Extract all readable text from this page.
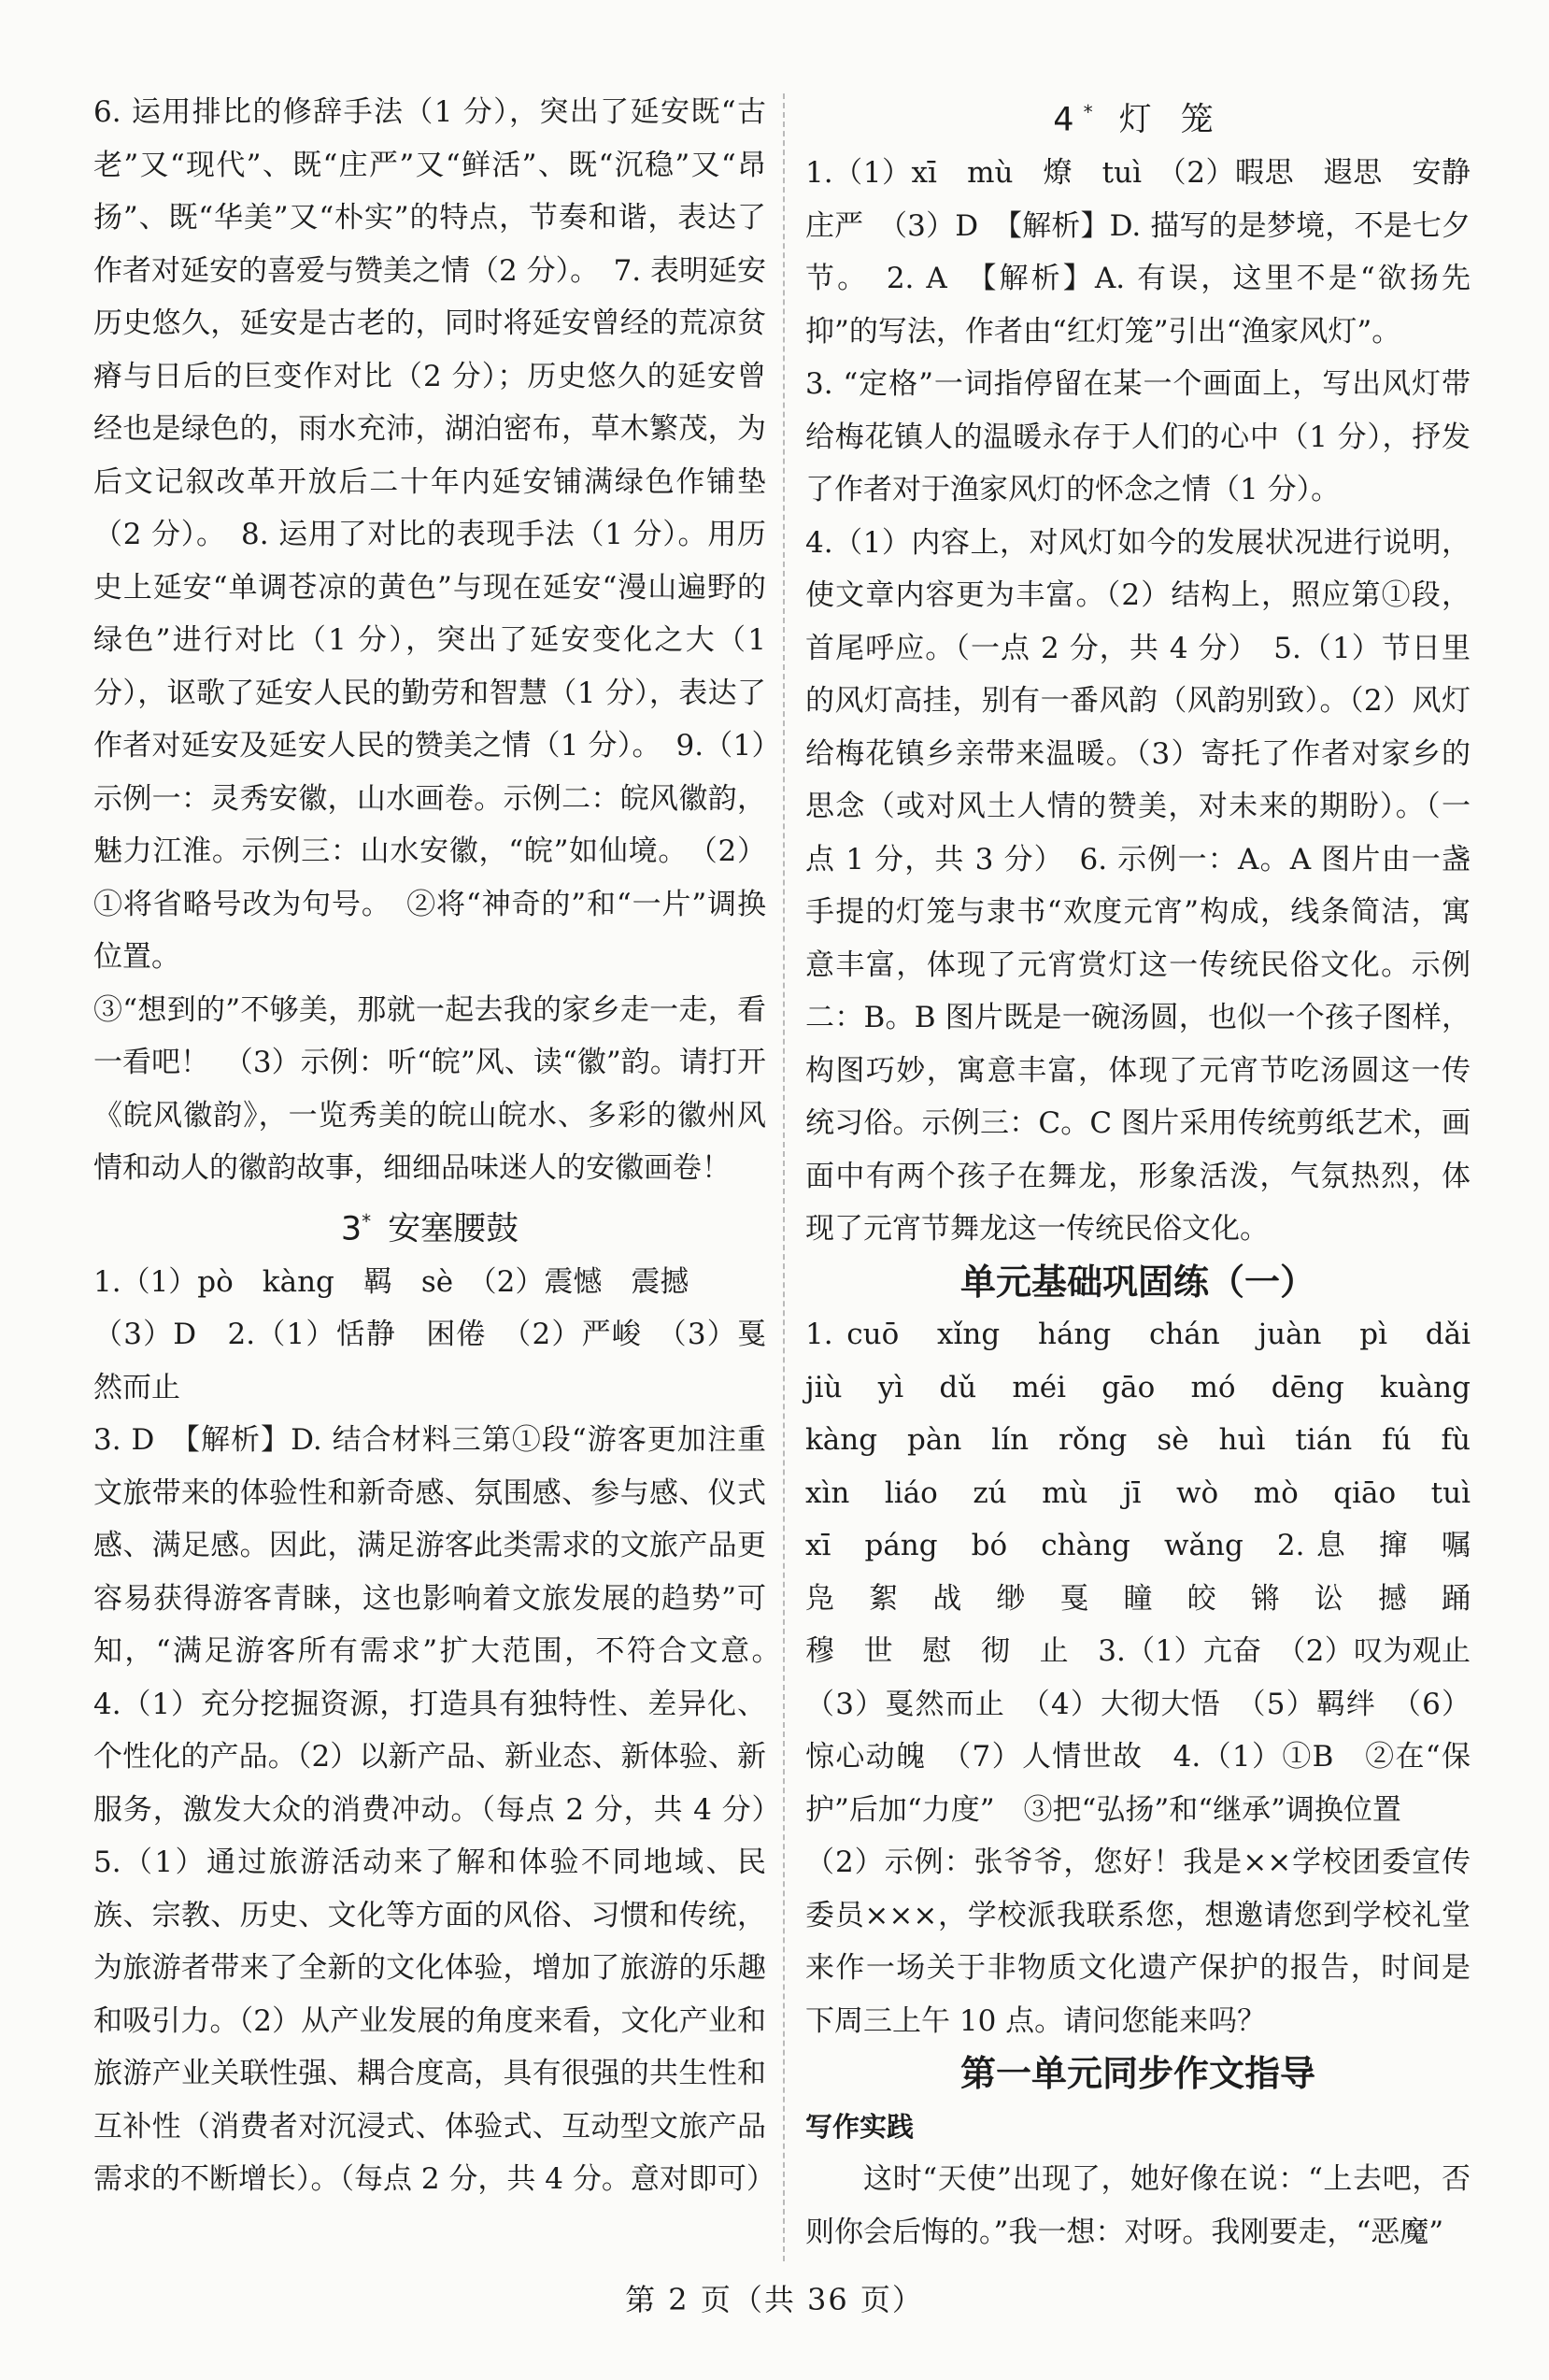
6. 运用排比的修辞手法（1 分），突出了延安既“古老”又“现代”、既“庄严”又“鲜活”、既“沉稳”又“昂扬”、既“华美”又“朴实”的特点，节奏和谐，表达了作者对延安的喜爱与赞美之情（2 分）。　7. 表明延安历史悠久，延安是古老的，同时将延安曾经的荒凉贫瘠与日后的巨变作对比（2 分）；历史悠久的延安曾经也是绿色的，雨水充沛，湖泊密布，草木繁茂，为后文记叙改革开放后二十年内延安铺满绿色作铺垫（2 分）。　8. 运用了对比的表现手法（1 分）。用历史上延安“单调苍凉的黄色”与现在延安“漫山遍野的绿色”进行对比（1 分），突出了延安变化之大（1 分），讴歌了延安人民的勤劳和智慧（1 分），表达了作者对延安及延安人民的赞美之情（1 分）。　9.（1）示例一：灵秀安徽，山水画卷。示例二：皖风徽韵，魅力江淮。示例三：山水安徽，“皖”如仙境。　（2）①将省略号改为句号。　②将“神奇的”和“一片”调换位置。

③“想到的”不够美，那就一起去我的家乡走一走，看一看吧！　（3）示例：听“皖”风、读“徽”韵。请打开《皖风徽韵》，一览秀美的皖山皖水、多彩的徽州风情和动人的徽韵故事，细细品味迷人的安徽画卷！

3* 安塞腰鼓

1.（1）pò　kàng　羁　sè　（2）震憾　震撼

（3）D　2.（1）恬静　困倦　（2）严峻　（3）戛然而止

3. D　【解析】D. 结合材料三第①段“游客更加注重文旅带来的体验性和新奇感、氛围感、参与感、仪式感、满足感。因此，满足游客此类需求的文旅产品更容易获得游客青睐，这也影响着文旅发展的趋势”可知，“满足游客所有需求”扩大范围，不符合文意。　4.（1）充分挖掘资源，打造具有独特性、差异化、个性化的产品。（2）以新产品、新业态、新体验、新服务，激发大众的消费冲动。（每点 2 分，共 4 分）　5.（1）通过旅游活动来了解和体验不同地域、民族、宗教、历史、文化等方面的风俗、习惯和传统，为旅游者带来了全新的文化体验，增加了旅游的乐趣和吸引力。（2）从产业发展的角度来看，文化产业和旅游产业关联性强、耦合度高，具有很强的共生性和互补性（消费者对沉浸式、体验式、互动型文旅产品需求的不断增长）。（每点 2 分，共 4 分。意对即可）

4* 灯 笼

1.（1）xī　mù　燎　tuì　（2）暇思　遐思　安静庄严　（3）D　【解析】D. 描写的是梦境，不是七夕节。　2. A　【解析】A. 有误，这里不是“欲扬先抑”的写法，作者由“红灯笼”引出“渔家风灯”。

3. “定格”一词指停留在某一个画面上，写出风灯带给梅花镇人的温暖永存于人们的心中（1 分），抒发了作者对于渔家风灯的怀念之情（1 分）。

4.（1）内容上，对风灯如今的发展状况进行说明，使文章内容更为丰富。（2）结构上，照应第①段，首尾呼应。（一点 2 分，共 4 分）　5.（1）节日里的风灯高挂，别有一番风韵（风韵别致）。（2）风灯给梅花镇乡亲带来温暖。（3）寄托了作者对家乡的思念（或对风土人情的赞美，对未来的期盼）。（一点 1 分，共 3 分）　6. 示例一：A。A 图片由一盏手提的灯笼与隶书“欢度元宵”构成，线条简洁，寓意丰富，体现了元宵赏灯这一传统民俗文化。示例二：B。B 图片既是一碗汤圆，也似一个孩子图样，构图巧妙，寓意丰富，体现了元宵节吃汤圆这一传统习俗。示例三：C。C 图片采用传统剪纸艺术，画面中有两个孩子在舞龙，形象活泼，气氛热烈，体现了元宵节舞龙这一传统民俗文化。

单元基础巩固练（一）

1. cuō　xǐng　háng　chán　juàn　pì　dǎi　jiù　yì　dǔ　méi　gāo　mó　dēng　kuàng　kàng　pàn　lín　rǒng　sè　huì　tián　fú　fù　xìn　liáo　zú　mù　jī　wò　mò　qiāo　tuì　xī　páng　bó　chàng　wǎng　2. 息　撺　嘱　凫　絮　战　缈　戛　瞳　皎　锵　讼　撼　踊　穆　世　慰　彻　止　3.（1）亢奋　（2）叹为观止　（3）戛然而止　（4）大彻大悟　（5）羁绊　（6）惊心动魄　（7）人情世故　4.（1）①B　②在“保护”后加“力度”　③把“弘扬”和“继承”调换位置

（2）示例：张爷爷，您好！我是××学校团委宣传委员×××，学校派我联系您，想邀请您到学校礼堂来作一场关于非物质文化遗产保护的报告，时间是下周三上午 10 点。请问您能来吗？

第一单元同步作文指导
写作实践

这时“天使”出现了，她好像在说：“上去吧，否则你会后悔的。”我一想：对呀。我刚要走，“恶魔”

第 2 页（共 36 页）
